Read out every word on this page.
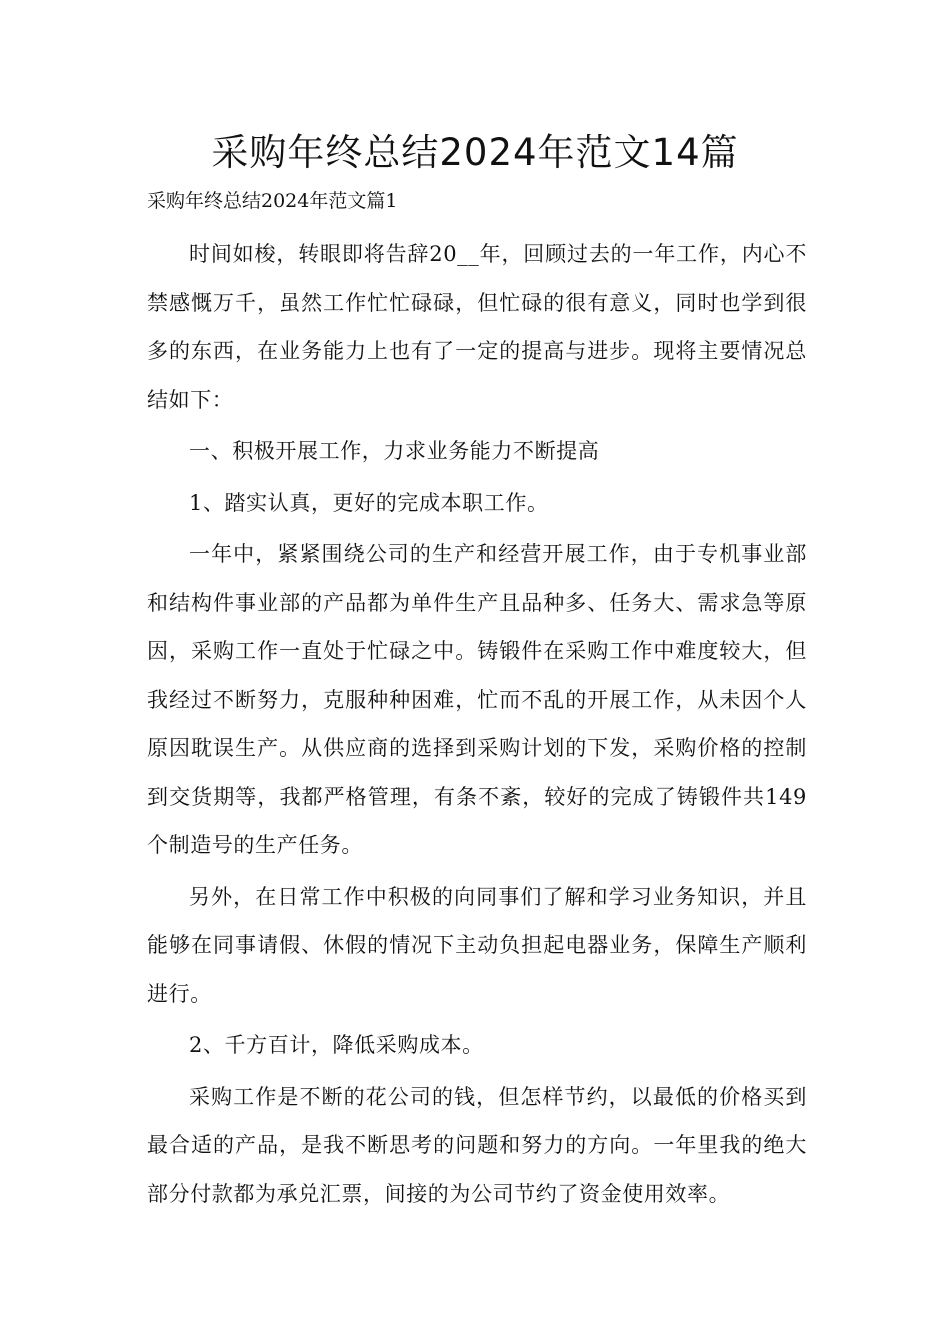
采购年终总结2024年范文14篇

采购年终总结2024年范文篇1

时间如梭，转眼即将告辞20__年，回顾过去的一年工作，内心不禁感慨万千，虽然工作忙忙碌碌，但忙碌的很有意义，同时也学到很多的东西，在业务能力上也有了一定的提高与进步。现将主要情况总结如下：

一、积极开展工作，力求业务能力不断提高

1、踏实认真，更好的完成本职工作。

一年中，紧紧围绕公司的生产和经营开展工作，由于专机事业部和结构件事业部的产品都为单件生产且品种多、任务大、需求急等原因，采购工作一直处于忙碌之中。铸锻件在采购工作中难度较大，但我经过不断努力，克服种种困难，忙而不乱的开展工作，从未因个人原因耽误生产。从供应商的选择到采购计划的下发，采购价格的控制到交货期等，我都严格管理，有条不紊，较好的完成了铸锻件共149个制造号的生产任务。

另外，在日常工作中积极的向同事们了解和学习业务知识，并且能够在同事请假、休假的情况下主动负担起电器业务，保障生产顺利进行。

2、千方百计，降低采购成本。

采购工作是不断的花公司的钱，但怎样节约，以最低的价格买到最合适的产品，是我不断思考的问题和努力的方向。一年里我的绝大部分付款都为承兑汇票，间接的为公司节约了资金使用效率。
